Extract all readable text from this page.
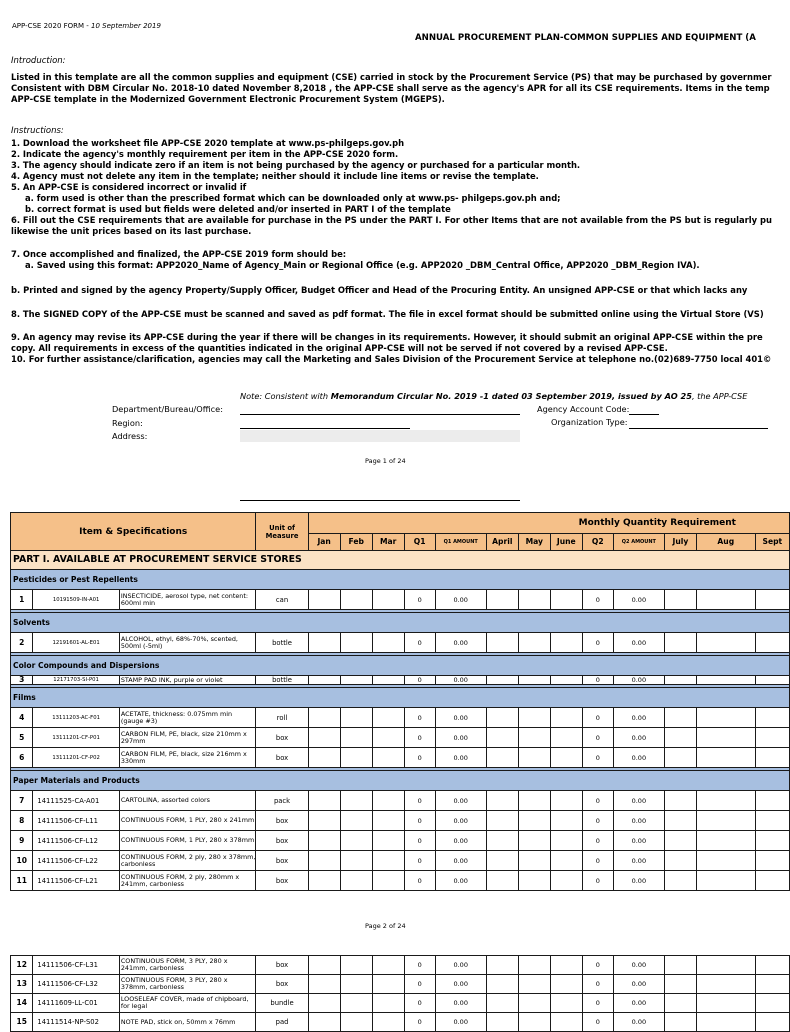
APP-CSE 2020 FORM - 10 September 2019
ANNUAL PROCUREMENT PLAN-COMMON SUPPLIES AND EQUIPMENT (A
Introduction:
Listed in this template are all the common supplies and equipment (CSE) carried in stock by the Procurement Service (PS) that may be purchased by governmer
Consistent with DBM Circular No. 2018-10 dated November 8,2018 , the APP-CSE shall serve as the agency's APR for all its CSE requirements. Items in the temp
APP-CSE template in the Modernized Government Electronic Procurement System (MGEPS).
Instructions:
1. Download the worksheet file APP-CSE 2020 template at www.ps-philgeps.gov.ph
2. Indicate the agency's monthly requirement per item in the APP-CSE 2020 form.
3. The agency should indicate zero if an item is not being purchased by the agency or purchased for a particular month.
4. Agency must not delete any item in the template; neither should it include line items or revise the template.
5. An APP-CSE is considered incorrect or invalid if
a. form used is other than the prescribed format which can be downloaded only at www.ps- philgeps.gov.ph and;
b. correct format is used but fields were deleted and/or inserted in PART I of the template
6. Fill out the CSE requirements that are available for purchase in the PS under the PART I. For other Items that are not available from the PS but is regularly pu
likewise the unit prices based on its last purchase.
7. Once accomplished and finalized, the APP-CSE 2019 form should be:
a. Saved using this format: APP2020_Name of Agency_Main or Regional Office (e.g. APP2020 _DBM_Central Office, APP2020 _DBM_Region IVA).
b. Printed and signed by the agency Property/Supply Officer, Budget Officer and Head of the Procuring Entity. An unsigned APP-CSE or that which lacks any
8. The SIGNED COPY of the APP-CSE must be scanned and saved as pdf format. The file in excel format should be submitted online using the Virtual Store (VS)
9. An agency may revise its APP-CSE during the year if there will be changes in its requirements. However, it should submit an original APP-CSE within the pre
copy. All requirements in excess of the quantities indicated in the original APP-CSE will not be served if not covered by a revised APP-CSE.
10. For further assistance/clarification, agencies may call the Marketing and Sales Division of the Procurement Service at telephone no.(02)689-7750 local 401©
Note: Consistent with Memorandum Circular No. 2019 -1 dated 03 September 2019, issued by AO 25, the APP-CSE
Department/Bureau/Office:
Region:
Address:
Agency Account Code:
Organization Type:
Page 1 of 24
Item & Specifications			Unit of Measure	Monthly Quantity Requirement												
				Jan	Feb	Mar	Q1	Q1 AMOUNT	April	May	June	Q2	Q2 AMOUNT	July	Aug	Sept
PART I. AVAILABLE AT PROCUREMENT SERVICE STORES																
Pesticides or Pest Repellents																
1	10191509-IN-A01	INSECTICIDE, aerosol type, net content: 600ml min	can				0	0.00				0	0.00			

Solvents																
2	12191601-AL-E01	ALCOHOL, ethyl, 68%-70%, scented, 500ml (-5ml)	bottle				0	0.00				0	0.00			

Color Compounds and Dispersions																
3	12171703-SI-P01	STAMP PAD INK, purple or violet	bottle				0	0.00				0	0.00			

Films																
4	13111203-AC-F01	ACETATE, thickness: 0.075mm min (gauge #3)	roll				0	0.00				0	0.00			
5	13111201-CF-P01	CARBON FILM, PE, black, size 210mm x 297mm	box				0	0.00				0	0.00			
6	13111201-CF-P02	CARBON FILM, PE, black, size 216mm x 330mm	box				0	0.00				0	0.00			

Paper Materials and Products																
7	14111525-CA-A01	CARTOLINA, assorted colors	pack				0	0.00				0	0.00			
8	14111506-CF-L11	CONTINUOUS FORM, 1 PLY, 280 x 241mm	box				0	0.00				0	0.00			
9	14111506-CF-L12	CONTINUOUS FORM, 1 PLY, 280 x 378mm	box				0	0.00				0	0.00			
10	14111506-CF-L22	CONTINUOUS FORM, 2 ply, 280 x 378mm, carbonless	box				0	0.00				0	0.00			
11	14111506-CF-L21	CONTINUOUS FORM, 2 ply, 280mm x 241mm, carbonless	box				0	0.00				0	0.00			
Page 2 of 24
12	14111506-CF-L31	CONTINUOUS FORM, 3 PLY, 280 x 241mm, carbonless	box				0	0.00				0	0.00			
13	14111506-CF-L32	CONTINUOUS FORM, 3 PLY, 280 x 378mm, carbonless	box				0	0.00				0	0.00			
14	14111609-LL-C01	LOOSELEAF COVER, made of chipboard, for legal	bundle				0	0.00				0	0.00			
15	14111514-NP-S02	NOTE PAD, stick on, 50mm x 76mm	pad				0	0.00				0	0.00			
